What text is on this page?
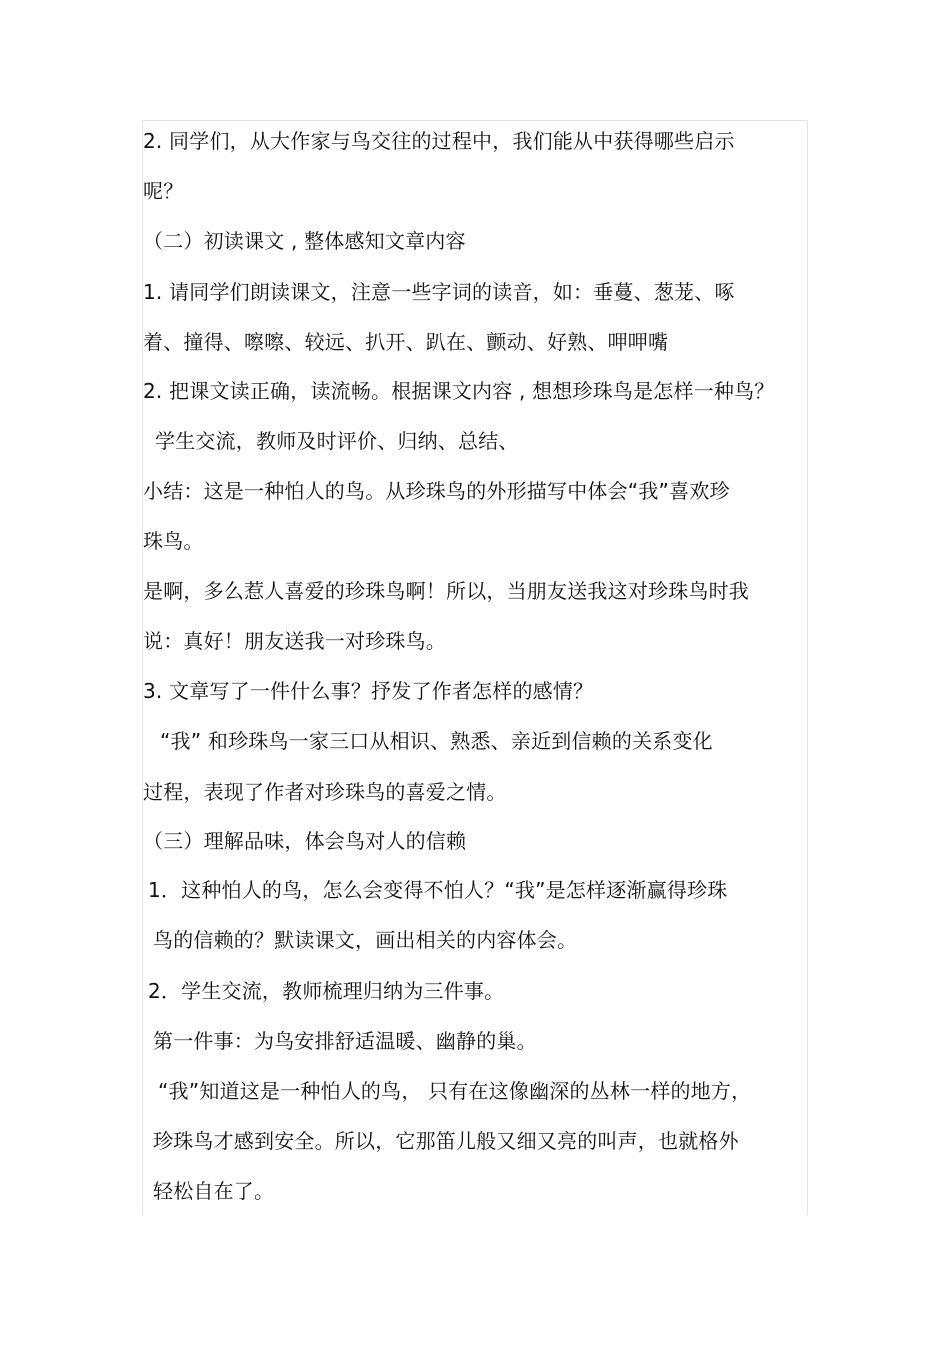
2. 同学们，从大作家与鸟交往的过程中，我们能从中获得哪些启示
呢？
（二）初读课文 , 整体感知文章内容
1. 请同学们朗读课文，注意一些字词的读音，如：垂蔓、葱茏、啄
着、撞得、嚓嚓、较远、扒开、趴在、颤动、好熟、呷呷嘴
2. 把课文读正确，读流畅。根据课文内容 , 想想珍珠鸟是怎样一种鸟？
学生交流，教师及时评价、归纳、总结、
小结：这是一种怕人的鸟。从珍珠鸟的外形描写中体会“我”喜欢珍
珠鸟。
是啊，多么惹人喜爱的珍珠鸟啊！所以，当朋友送我这对珍珠鸟时我
说：真好！朋友送我一对珍珠鸟。
3. 文章写了一件什么事？抒发了作者怎样的感情？
“我” 和珍珠鸟一家三口从相识、熟悉、亲近到信赖的关系变化
过程，表现了作者对珍珠鸟的喜爱之情。
（三）理解品味，体会鸟对人的信赖
1．这种怕人的鸟，怎么会变得不怕人？“我”是怎样逐渐赢得珍珠
鸟的信赖的？默读课文，画出相关的内容体会。
2．学生交流，教师梳理归纳为三件事。
第一件事：为鸟安排舒适温暖、幽静的巢。
“我”知道这是一种怕人的鸟， 只有在这像幽深的丛林一样的地方，
珍珠鸟才感到安全。所以，它那笛儿般又细又亮的叫声，也就格外
轻松自在了。
